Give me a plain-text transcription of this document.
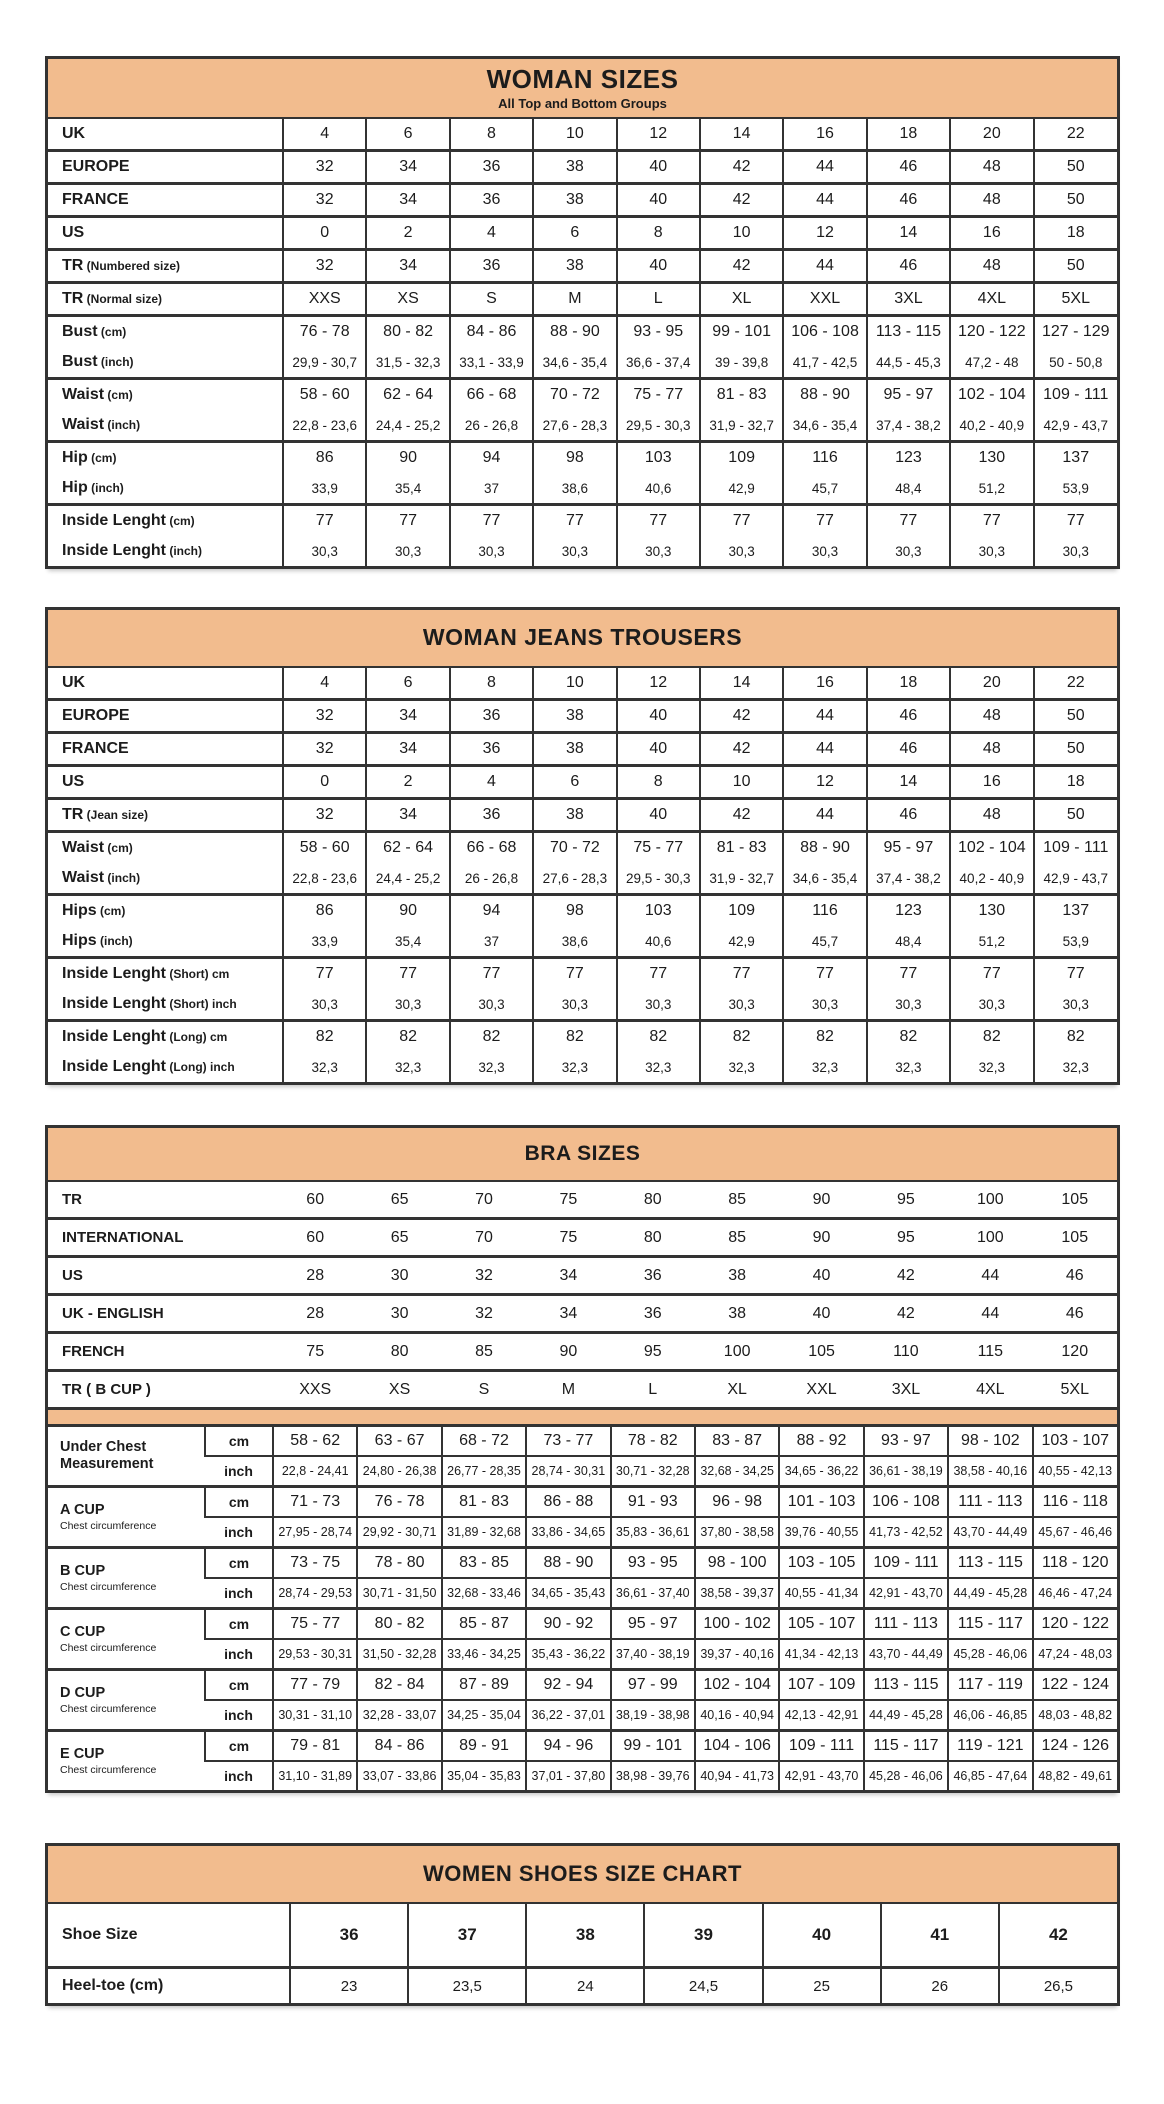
WOMAN SIZES
All Top and Bottom Groups
UK	4	6	8	10	12	14	16	18	20	22
EUROPE	32	34	36	38	40	42	44	46	48	50
FRANCE	32	34	36	38	40	42	44	46	48	50
US	0	2	4	6	8	10	12	14	16	18
TR (Numbered size)	32	34	36	38	40	42	44	46	48	50
TR (Normal size)	XXS	XS	S	M	L	XL	XXL	3XL	4XL	5XL
Bust (cm)	76 - 78	80 - 82	84 - 86	88 - 90	93 - 95	99 - 101	106 - 108	113 - 115	120 - 122	127 - 129
Bust (inch)	29,9 - 30,7	31,5 - 32,3	33,1 - 33,9	34,6 - 35,4	36,6 - 37,4	39 - 39,8	41,7 - 42,5	44,5 - 45,3	47,2 - 48	50 - 50,8
Waist (cm)	58 - 60	62 - 64	66 - 68	70 - 72	75 - 77	81 - 83	88 - 90	95 - 97	102 - 104	109 - 111
Waist (inch)	22,8 - 23,6	24,4 - 25,2	26 - 26,8	27,6 - 28,3	29,5 - 30,3	31,9 - 32,7	34,6 - 35,4	37,4 - 38,2	40,2 - 40,9	42,9 - 43,7
Hip (cm)	86	90	94	98	103	109	116	123	130	137
Hip (inch)	33,9	35,4	37	38,6	40,6	42,9	45,7	48,4	51,2	53,9
Inside Lenght (cm)	77	77	77	77	77	77	77	77	77	77
Inside Lenght (inch)	30,3	30,3	30,3	30,3	30,3	30,3	30,3	30,3	30,3	30,3
WOMAN JEANS TROUSERS
UK	4	6	8	10	12	14	16	18	20	22
EUROPE	32	34	36	38	40	42	44	46	48	50
FRANCE	32	34	36	38	40	42	44	46	48	50
US	0	2	4	6	8	10	12	14	16	18
TR (Jean size)	32	34	36	38	40	42	44	46	48	50
Waist (cm)	58 - 60	62 - 64	66 - 68	70 - 72	75 - 77	81 - 83	88 - 90	95 - 97	102 - 104	109 - 111
Waist (inch)	22,8 - 23,6	24,4 - 25,2	26 - 26,8	27,6 - 28,3	29,5 - 30,3	31,9 - 32,7	34,6 - 35,4	37,4 - 38,2	40,2 - 40,9	42,9 - 43,7
Hips (cm)	86	90	94	98	103	109	116	123	130	137
Hips (inch)	33,9	35,4	37	38,6	40,6	42,9	45,7	48,4	51,2	53,9
Inside Lenght (Short) cm	77	77	77	77	77	77	77	77	77	77
Inside Lenght (Short) inch	30,3	30,3	30,3	30,3	30,3	30,3	30,3	30,3	30,3	30,3
Inside Lenght (Long) cm	82	82	82	82	82	82	82	82	82	82
Inside Lenght (Long) inch	32,3	32,3	32,3	32,3	32,3	32,3	32,3	32,3	32,3	32,3
BRA SIZES
TR	60	65	70	75	80	85	90	95	100	105
INTERNATIONAL	60	65	70	75	80	85	90	95	100	105
US	28	30	32	34	36	38	40	42	44	46
UK - ENGLISH	28	30	32	34	36	38	40	42	44	46
FRENCH	75	80	85	90	95	100	105	110	115	120
TR ( B CUP )	XXS	XS	S	M	L	XL	XXL	3XL	4XL	5XL
Under Chest Measurement	cm	58 - 62	63 - 67	68 - 72	73 - 77	78 - 82	83 - 87	88 - 92	93 - 97	98 - 102	103 - 107
	inch	22,8 - 24,41	24,80 - 26,38	26,77 - 28,35	28,74 - 30,31	30,71 - 32,28	32,68 - 34,25	34,65 - 36,22	36,61 - 38,19	38,58 - 40,16	40,55 - 42,13

A CUP
Chest circumference	cm	71 - 73	76 - 78	81 - 83	86 - 88	91 - 93	96 - 98	101 - 103	106 - 108	111 - 113	116 - 118
	inch	27,95 - 28,74	29,92 - 30,71	31,89 - 32,68	33,86 - 34,65	35,83 - 36,61	37,80 - 38,58	39,76 - 40,55	41,73 - 42,52	43,70 - 44,49	45,67 - 46,46

B CUP
Chest circumference	cm	73 - 75	78 - 80	83 - 85	88 - 90	93 - 95	98 - 100	103 - 105	109 - 111	113 - 115	118 - 120
	inch	28,74 - 29,53	30,71 - 31,50	32,68 - 33,46	34,65 - 35,43	36,61 - 37,40	38,58 - 39,37	40,55 - 41,34	42,91 - 43,70	44,49 - 45,28	46,46 - 47,24

C CUP
Chest circumference	cm	75 - 77	80 - 82	85 - 87	90 - 92	95 - 97	100 - 102	105 - 107	111 - 113	115 - 117	120 - 122
	inch	29,53 - 30,31	31,50 - 32,28	33,46 - 34,25	35,43 - 36,22	37,40 - 38,19	39,37 - 40,16	41,34 - 42,13	43,70 - 44,49	45,28 - 46,06	47,24 - 48,03

D CUP
Chest circumference	cm	77 - 79	82 - 84	87 - 89	92 - 94	97 - 99	102 - 104	107 - 109	113 - 115	117 - 119	122 - 124
	inch	30,31 - 31,10	32,28 - 33,07	34,25 - 35,04	36,22 - 37,01	38,19 - 38,98	40,16 - 40,94	42,13 - 42,91	44,49 - 45,28	46,06 - 46,85	48,03 - 48,82

E CUP
Chest circumference	cm	79 - 81	84 - 86	89 - 91	94 - 96	99 - 101	104 - 106	109 - 111	115 - 117	119 - 121	124 - 126
	inch	31,10 - 31,89	33,07 - 33,86	35,04 - 35,83	37,01 - 37,80	38,98 - 39,76	40,94 - 41,73	42,91 - 43,70	45,28 - 46,06	46,85 - 47,64	48,82 - 49,61
WOMEN SHOES SIZE CHART
Shoe Size	36	37	38	39	40	41	42
Heel-toe (cm)	23	23,5	24	24,5	25	26	26,5
